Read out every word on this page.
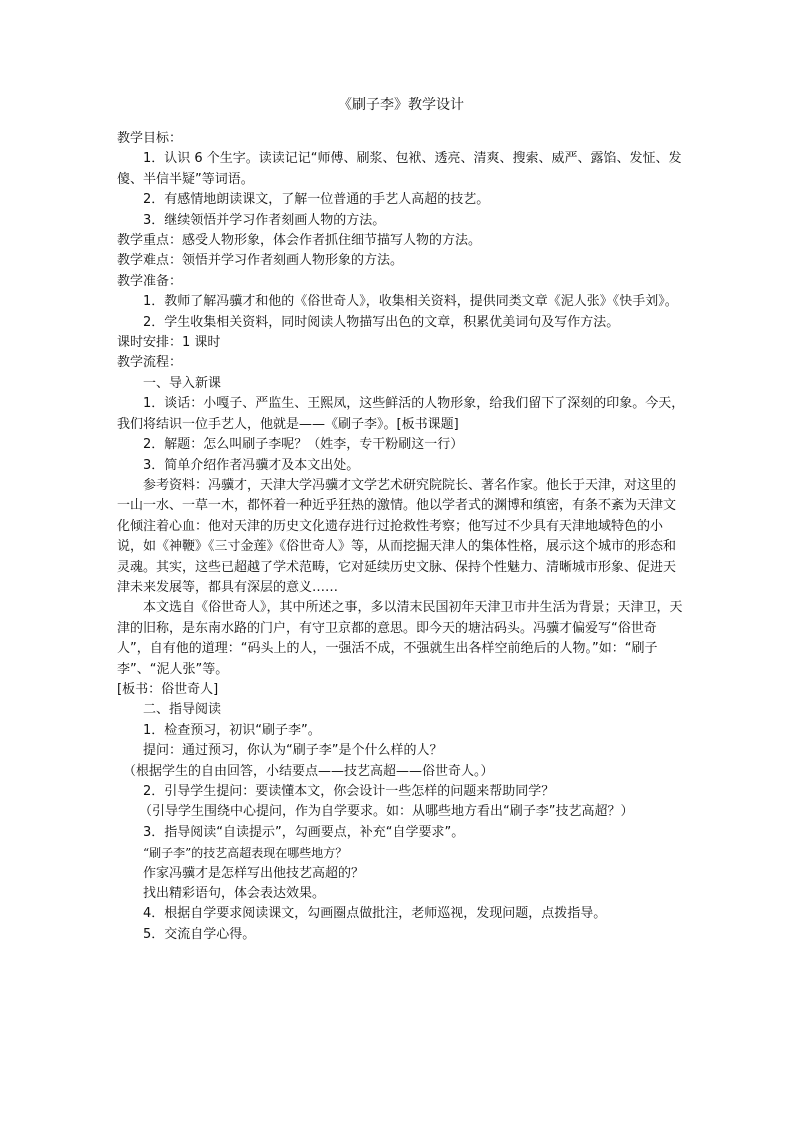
《刷子李》教学设计

教学目标：

1．认识 6 个生字。读读记记“师傅、刷浆、包袱、透亮、清爽、搜索、威严、露馅、发怔、发傻、半信半疑”等词语。

2．有感情地朗读课文，了解一位普通的手艺人高超的技艺。

3．继续领悟并学习作者刻画人物的方法。

教学重点：感受人物形象，体会作者抓住细节描写人物的方法。

教学难点：领悟并学习作者刻画人物形象的方法。

教学准备：

1．教师了解冯骥才和他的《俗世奇人》，收集相关资料，提供同类文章《泥人张》《快手刘》。

2．学生收集相关资料，同时阅读人物描写出色的文章，积累优美词句及写作方法。

课时安排：1 课时

教学流程：

一、导入新课

1．谈话：小嘎子、严监生、王熙凤，这些鲜活的人物形象，给我们留下了深刻的印象。今天，我们将结识一位手艺人，他就是——《刷子李》。[板书课题]

2．解题：怎么叫刷子李呢？（姓李，专干粉刷这一行）

3．简单介绍作者冯骥才及本文出处。

参考资料：冯骥才，天津大学冯骥才文学艺术研究院院长、著名作家。他长于天津，对这里的一山一水、一草一木，都怀着一种近乎狂热的激情。他以学者式的渊博和缜密，有条不紊为天津文化倾注着心血：他对天津的历史文化遗存进行过抢救性考察；他写过不少具有天津地域特色的小说，如《神鞭》《三寸金莲》《俗世奇人》等，从而挖掘天津人的集体性格，展示这个城市的形态和灵魂。其实，这些已超越了学术范畴，它对延续历史文脉、保持个性魅力、清晰城市形象、促进天津未来发展等，都具有深层的意义……

本文选自《俗世奇人》，其中所述之事，多以清末民国初年天津卫市井生活为背景；天津卫，天津的旧称，是东南水路的门户，有守卫京都的意思。即今天的塘沽码头。冯骥才偏爱写“俗世奇人”，自有他的道理：“码头上的人，一强活不成，不强就生出各样空前绝后的人物。”如：“刷子李”、“泥人张”等。

[板书：俗世奇人]

二、指导阅读

1．检查预习，初识“刷子李”。

提问：通过预习，你认为“刷子李”是个什么样的人？

（根据学生的自由回答，小结要点——技艺高超——俗世奇人。）

2．引导学生提问：要读懂本文，你会设计一些怎样的问题来帮助同学？

（引导学生围绕中心提问，作为自学要求。如：从哪些地方看出“刷子李”技艺高超？）

3．指导阅读“自读提示”，勾画要点，补充“自学要求”。

“刷子李”的技艺高超表现在哪些地方？

作家冯骥才是怎样写出他技艺高超的？

找出精彩语句，体会表达效果。

4．根据自学要求阅读课文，勾画圈点做批注，老师巡视，发现问题，点拨指导。

5．交流自学心得。
